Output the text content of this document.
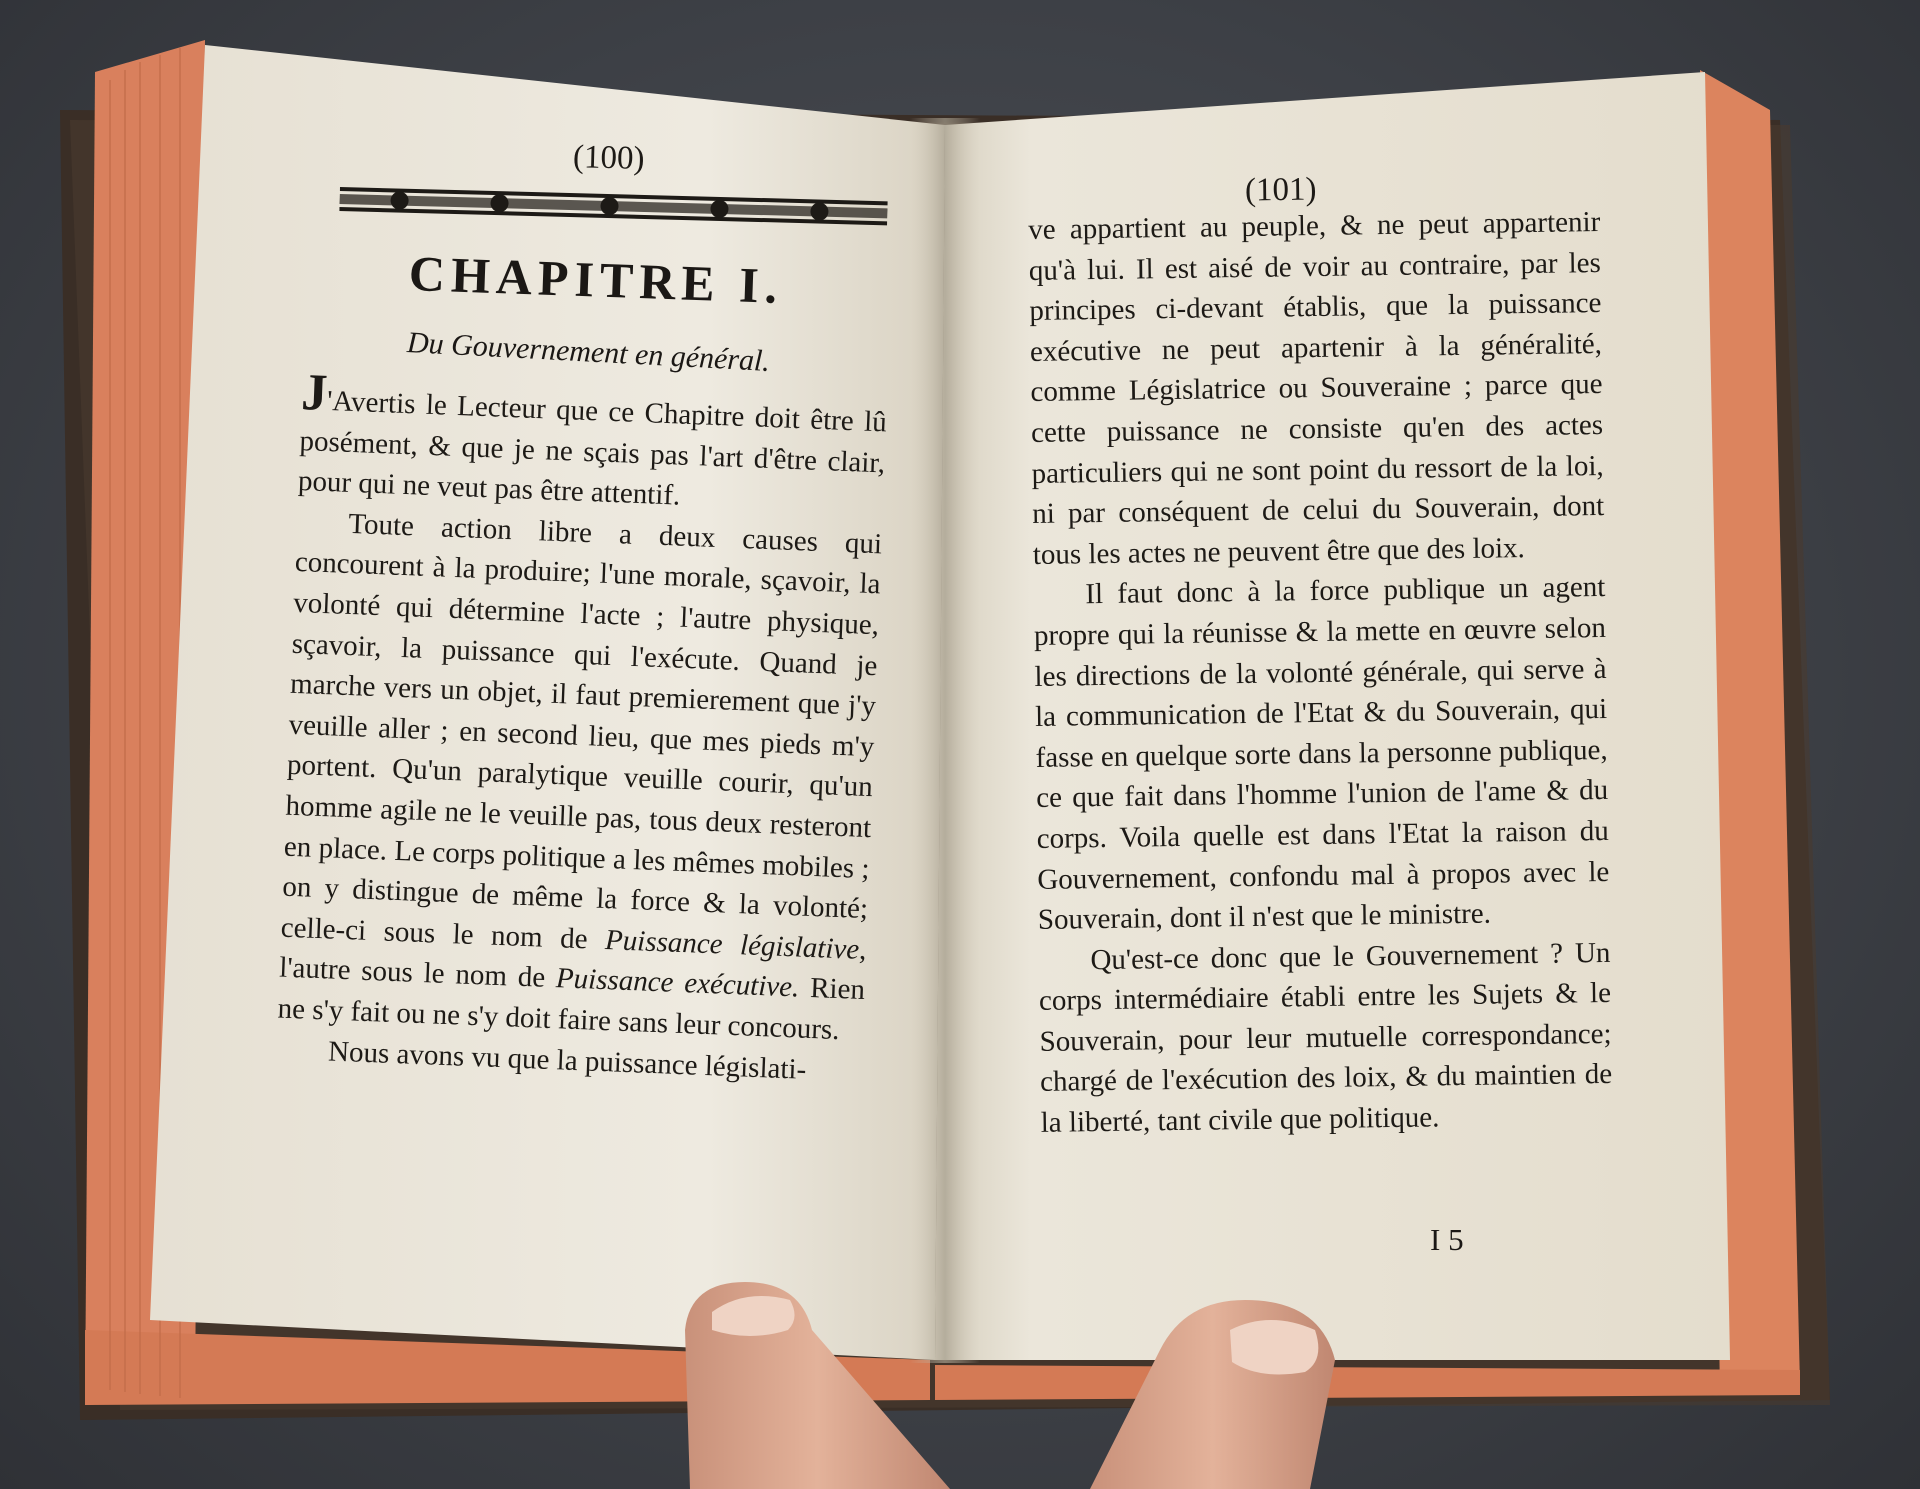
(100)
CHAPITRE I.
Du Gouvernement en général.

J'Avertis le Lecteur que ce Chapitre doit être lû posément, & que je ne sçais pas l'art d'être clair, pour qui ne veut pas être attentif.

Toute action libre a deux causes qui concourent à la produire; l'une morale, sçavoir, la volonté qui détermine l'acte ; l'autre physique, sçavoir, la puissance qui l'exécute. Quand je marche vers un objet, il faut premierement que j'y veuille aller ; en second lieu, que mes pieds m'y portent. Qu'un paralytique veuille courir, qu'un homme agile ne le veuille pas, tous deux resteront en place. Le corps politique a les mêmes mobiles ; on y distingue de même la force & la volonté; celle-ci sous le nom de Puissance législative, l'autre sous le nom de Puissance exécutive. Rien ne s'y fait ou ne s'y doit faire sans leur concours.

Nous avons vu que la puissance législati-

(101)

ve appartient au peuple, & ne peut appartenir qu'à lui. Il est aisé de voir au contraire, par les principes ci-devant établis, que la puissance exécutive ne peut apartenir à la généralité, comme Législatrice ou Souveraine ; parce que cette puissance ne consiste qu'en des actes particuliers qui ne sont point du ressort de la loi, ni par conséquent de celui du Souverain, dont tous les actes ne peuvent être que des loix.

Il faut donc à la force publique un agent propre qui la réunisse & la mette en œuvre selon les directions de la volonté générale, qui serve à la communication de l'Etat & du Souverain, qui fasse en quelque sorte dans la personne publique, ce que fait dans l'homme l'union de l'ame & du corps. Voila quelle est dans l'Etat la raison du Gouvernement, confondu mal à propos avec le Souverain, dont il n'est que le ministre.

Qu'est-ce donc que le Gouvernement ? Un corps intermédiaire établi entre les Sujets & le Souverain, pour leur mutuelle correspondance; chargé de l'exécution des loix, & du maintien de la liberté, tant civile que politique.

I 5
